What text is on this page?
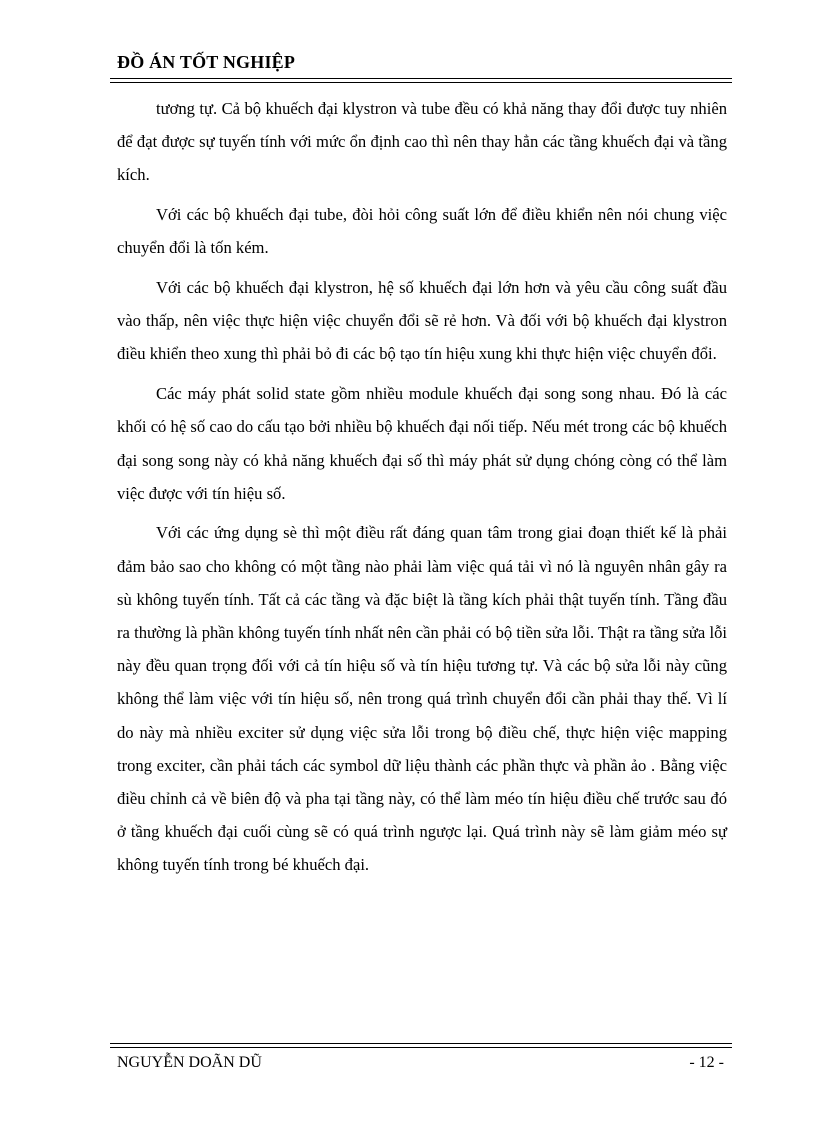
ĐỒ ÁN TỐT NGHIỆP

tương tự. Cả bộ khuếch đại klystron và tube đều có khả năng thay đổi được tuy nhiên để đạt được sự tuyến tính với mức ổn định cao thì nên thay hẳn các tầng khuếch đại và tầng kích.

Với các bộ khuếch đại tube, đòi hỏi công suất lớn để điều khiển nên nói chung việc chuyển đổi là tốn kém.

Với các bộ khuếch đại klystron, hệ số khuếch đại lớn hơn và yêu cầu công suất đầu vào thấp, nên việc thực hiện việc chuyển đổi sẽ rẻ hơn. Và đối với bộ khuếch đại klystron điều khiển theo xung thì phải bỏ đi các bộ tạo tín hiệu xung khi thực hiện việc chuyển đổi.

Các máy phát solid state gồm nhiều module khuếch đại song song nhau. Đó là các khối có hệ số cao do cấu tạo bởi nhiều bộ khuếch đại nối tiếp. Nếu mét trong các bộ khuếch đại song song này có khả năng khuếch đại số thì máy phát sử dụng chóng còng có thể làm việc được với tín hiệu số.

Với các ứng dụng sè thì một điều rất đáng quan tâm trong giai đoạn thiết kế là phải đảm bảo sao cho không có một tầng nào phải làm việc quá tải vì nó là nguyên nhân gây ra sù không tuyến tính. Tất cả các tầng và đặc biệt là tầng kích phải thật tuyến tính. Tầng đầu ra thường là phần không tuyến tính nhất nên cần phải có bộ tiền sửa lỗi. Thật ra tầng sửa lỗi này đều quan trọng đối với cả tín hiệu số và tín hiệu tương tự. Và các bộ sửa lỗi này cũng không thể làm việc với tín hiệu số, nên trong quá trình chuyển đổi cần phải thay thế. Vì lí do này mà nhiều exciter sử dụng việc sửa lỗi trong bộ điều chế, thực hiện việc mapping trong exciter, cần phải tách các symbol dữ liệu thành các phần thực và phần ảo . Bằng việc điều chỉnh cả về biên độ và pha tại tầng này, có thể làm méo tín hiệu điều chế trước sau đó ở tầng khuếch đại cuối cùng sẽ có quá trình ngược lại. Quá trình này sẽ làm giảm méo sự không tuyến tính trong bé khuếch đại.

NGUYỄN DOÃN DŨ	- 12 -
